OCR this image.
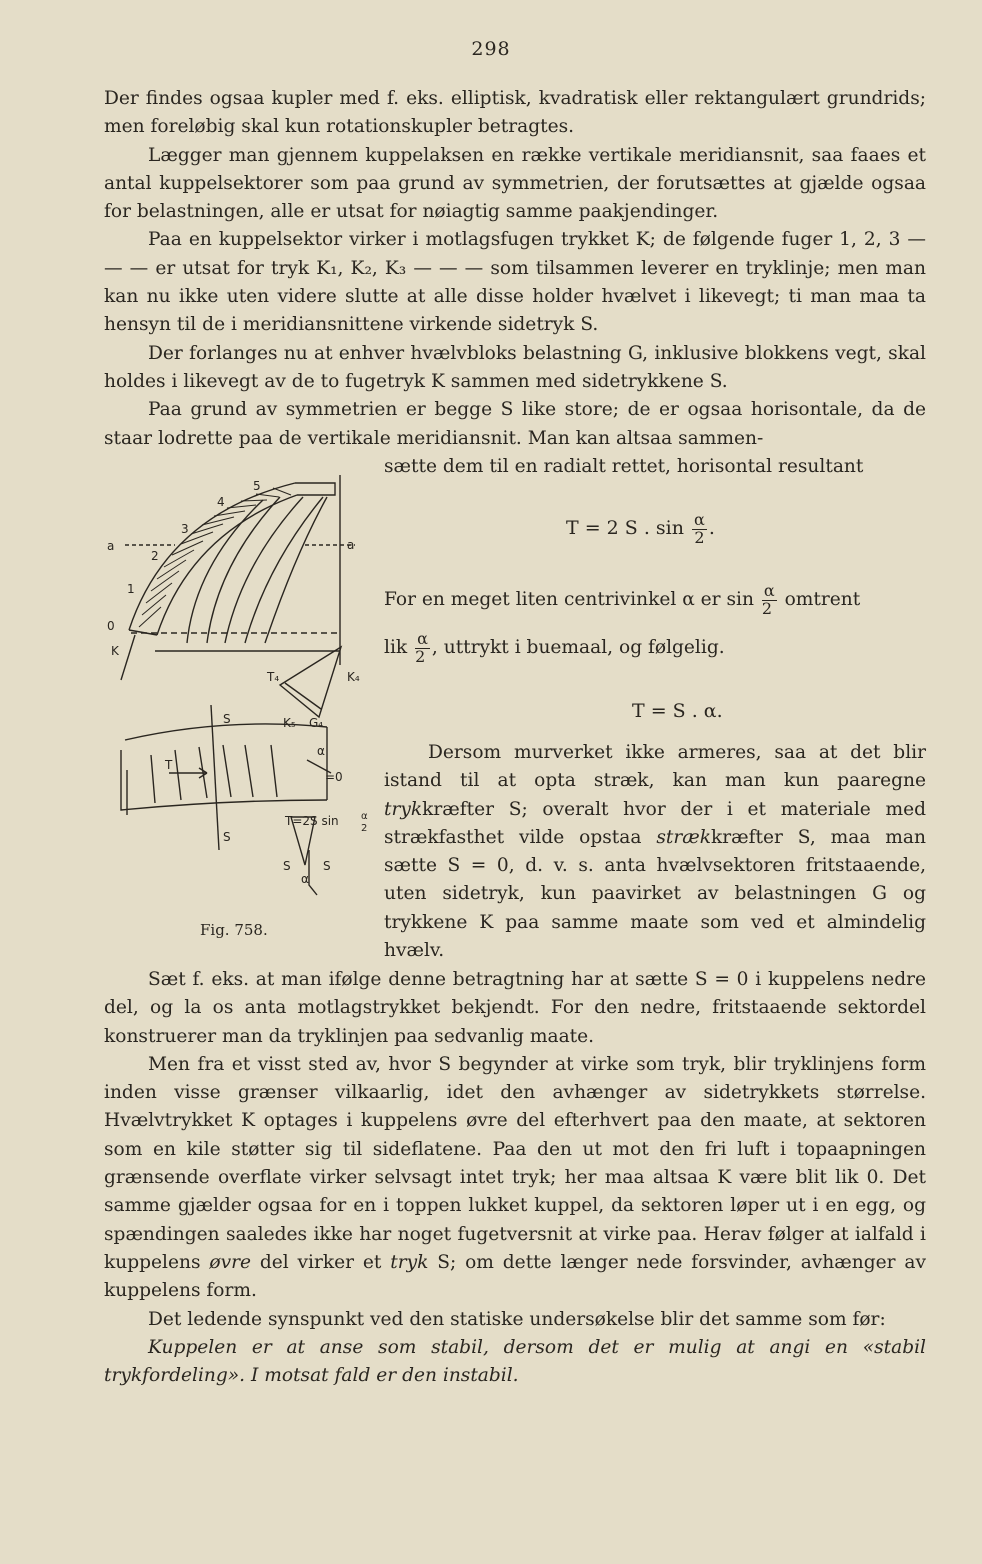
298

Der findes ogsaa kupler med f. eks. elliptisk, kvadratisk eller rektangulært grundrids; men foreløbig skal kun rotationskupler betragtes.

Lægger man gjennem kuppelaksen en række vertikale meridiansnit, saa faaes et antal kuppelsektorer som paa grund av symmetrien, der forutsættes at gjælde ogsaa for belastningen, alle er utsat for nøiagtig samme paakjendinger.

Paa en kuppelsektor virker i motlagsfugen trykket K; de følgende fuger 1, 2, 3 — — — er utsat for tryk K₁, K₂, K₃ — — — som tilsammen leverer en tryklinje; men man kan nu ikke uten videre slutte at alle disse holder hvælvet i likevegt; ti man maa ta hensyn til de i meridiansnittene virkende sidetryk S.

Der forlanges nu at enhver hvælvbloks belastning G, inklusive blokkens vegt, skal holdes i likevegt av de to fugetryk K sammen med sidetrykkene S.

Paa grund av symmetrien er begge S like store; de er ogsaa horisontale, da de staar lodrette paa de vertikale meridiansnit. Man kan altsaa sammen-

sætte dem til en radialt rettet, horisontal resultant

T = 2 S . $\sin \frac{\alpha}{2}$ .

For en meget liten centrivinkel α er $\sin \frac{\alpha}{2}$ omtrent

lik $\frac{\alpha}{2}$ , uttrykt i buemaal, og følgelig.

T = S . α.

Dersom murverket ikke armeres, saa at det blir istand til at opta stræk, kan man kun paaregne trykkræfter S; overalt hvor der i et materiale med strækfasthet vilde opstaa strækkræfter S, maa man sætte S = 0, d. v. s. anta hvælvsektoren fritstaaende, uten sidetryk, kun paavirket av belastningen G og trykkene K paa samme maate som ved et almindelig hvælv.

Sæt f. eks. at man ifølge denne betragtning har at sætte S = 0 i kuppelens nedre del, og la os anta motlagstrykket bekjendt. For den nedre, fritstaaende sektordel konstruerer man da tryklinjen paa sedvanlig maate.

Men fra et visst sted av, hvor S begynder at virke som tryk, blir tryklinjens form inden visse grænser vilkaarlig, idet den avhænger av sidetrykkets størrelse. Hvælvtrykket K optages i kuppelens øvre del efterhvert paa den maate, at sektoren som en kile støtter sig til sideflatene. Paa den ut mot den fri luft i topaapningen grænsende overflate virker selvsagt intet tryk; her maa altsaa K være blit lik 0. Det samme gjælder ogsaa for en i toppen lukket kuppel, da sektoren løper ut i en egg, og spændingen saaledes ikke har noget fugetversnit at virke paa. Herav følger at ialfald i kuppelens øvre del virker et tryk S; om dette længer nede forsvinder, avhænger av kuppelens form.

Det ledende synspunkt ved den statiske undersøkelse blir det samme som før:

Kuppelen er at anse som stabil, dersom det er mulig at angi en «stabil trykfordeling». I motsat fald er den instabil.

a	a
0
1
2
3
4
5
K
K₄
T₄
K₅ G₄
S
S
T
T=2S sin α
2
S	S
α
α
=0
Fig. 758.
